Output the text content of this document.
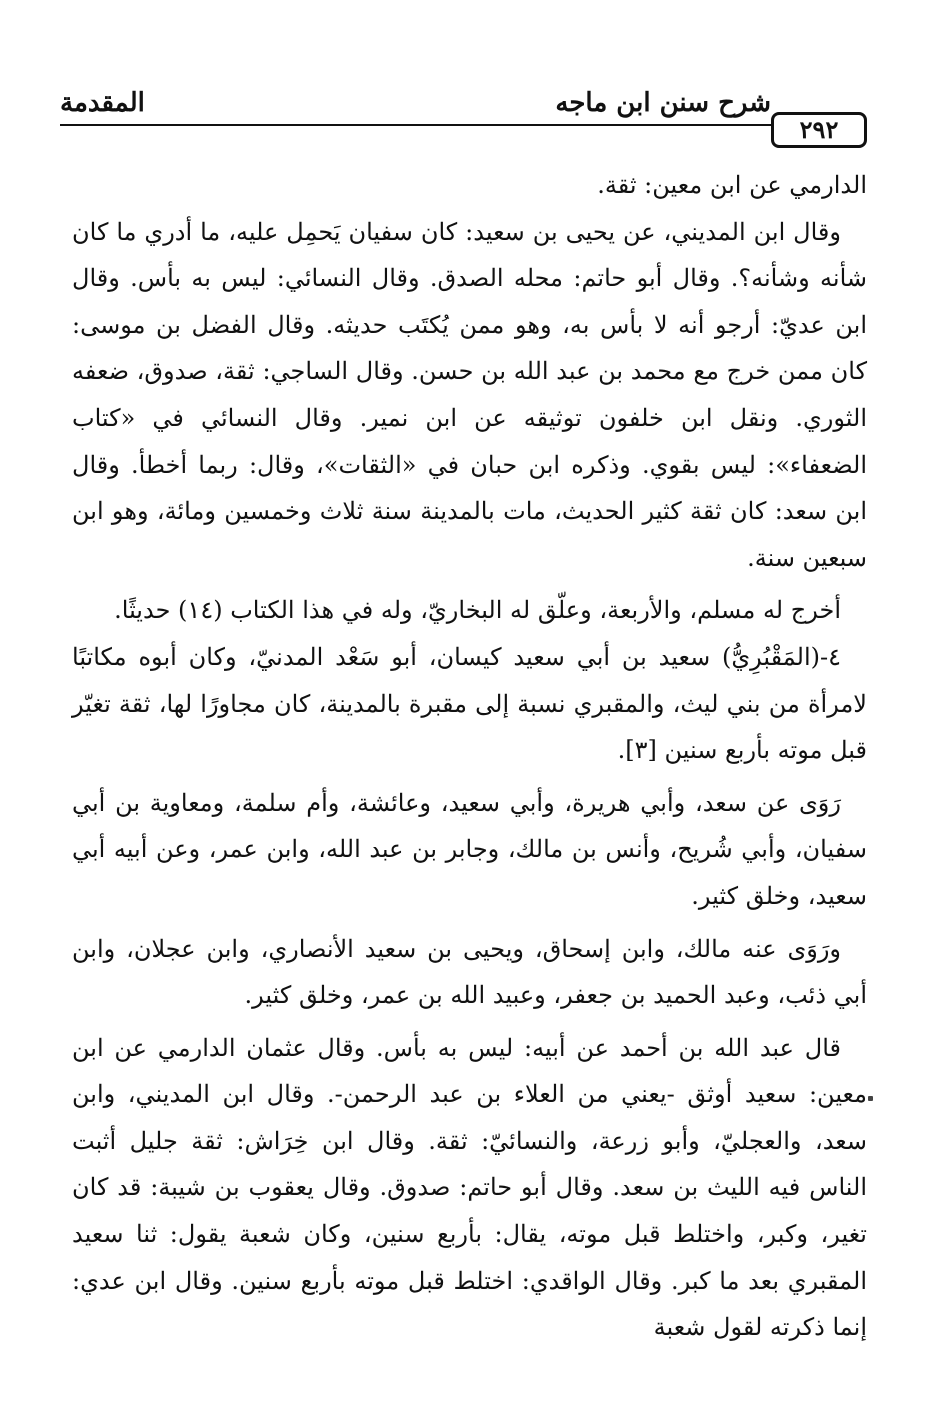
المقدمة	شرح سنن ابن ماجه
٢٩٢

الدارمي عن ابن معين: ثقة.

وقال ابن المديني، عن يحيى بن سعيد: كان سفيان يَحمِل عليه، ما أدري ما كان شأنه وشأنه؟. وقال أبو حاتم: محله الصدق. وقال النسائي: ليس به بأس. وقال ابن عديّ: أرجو أنه لا بأس به، وهو ممن يُكتَب حديثه. وقال الفضل بن موسى: كان ممن خرج مع محمد بن عبد الله بن حسن. وقال الساجي: ثقة، صدوق، ضعفه الثوري. ونقل ابن خلفون توثيقه عن ابن نمير. وقال النسائي في «كتاب الضعفاء»: ليس بقوي. وذكره ابن حبان في «الثقات»، وقال: ربما أخطأ. وقال ابن سعد: كان ثقة كثير الحديث، مات بالمدينة سنة ثلاث وخمسين ومائة، وهو ابن سبعين سنة.

أخرج له مسلم، والأربعة، وعلّق له البخاريّ، وله في هذا الكتاب (١٤) حديثًا.

٤-(المَقْبُرِيُّ) سعيد بن أبي سعيد كيسان، أبو سَعْد المدنيّ، وكان أبوه مكاتبًا لامرأة من بني ليث، والمقبري نسبة إلى مقبرة بالمدينة، كان مجاورًا لها، ثقة تغيّر قبل موته بأربع سنين [٣].

رَوَى عن سعد، وأبي هريرة، وأبي سعيد، وعائشة، وأم سلمة، ومعاوية بن أبي سفيان، وأبي شُريح، وأنس بن مالك، وجابر بن عبد الله، وابن عمر، وعن أبيه أبي سعيد، وخلق كثير.

ورَوَى عنه مالك، وابن إسحاق، ويحيى بن سعيد الأنصاري، وابن عجلان، وابن أبي ذئب، وعبد الحميد بن جعفر، وعبيد الله بن عمر، وخلق كثير.

قال عبد الله بن أحمد عن أبيه: ليس به بأس. وقال عثمان الدارمي عن ابن معين: سعيد أوثق -يعني من العلاء بن عبد الرحمن-. وقال ابن المديني، وابن سعد، والعجليّ، وأبو زرعة، والنسائيّ: ثقة. وقال ابن خِرَاش: ثقة جليل أثبت الناس فيه الليث بن سعد. وقال أبو حاتم: صدوق. وقال يعقوب بن شيبة: قد كان تغير، وكبر، واختلط قبل موته، يقال: بأربع سنين، وكان شعبة يقول: ثنا سعيد المقبري بعد ما كبر. وقال الواقدي: اختلط قبل موته بأربع سنين. وقال ابن عدي: إنما ذكرته لقول شعبة
